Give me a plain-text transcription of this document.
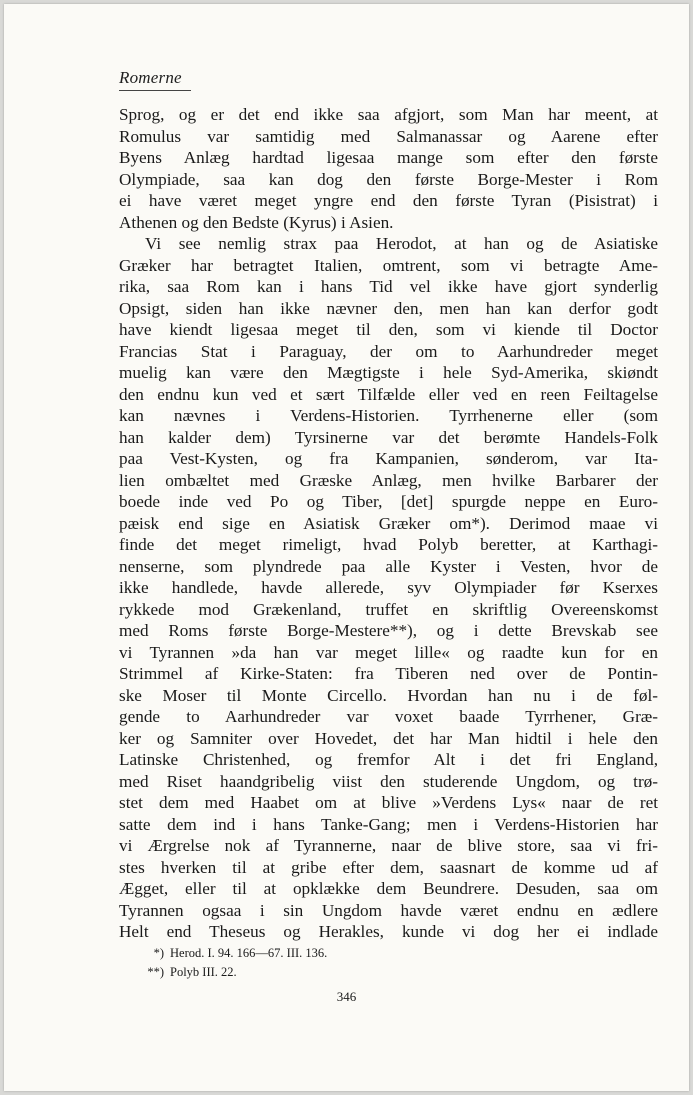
Romerne
Sprog, og er det end ikke saa afgjort, som Man har meent, at
Romulus var samtidig med Salmanassar og Aarene efter
Byens Anlæg hardtad ligesaa mange som efter den første
Olympiade, saa kan dog den første Borge-Mester i Rom
ei have været meget yngre end den første Tyran (Pisistrat) i
Athenen og den Bedste (Kyrus) i Asien.
Vi see nemlig strax paa Herodot, at han og de Asiatiske
Græker har betragtet Italien, omtrent, som vi betragte Ame-
rika, saa Rom kan i hans Tid vel ikke have gjort synderlig
Opsigt, siden han ikke nævner den, men han kan derfor godt
have kiendt ligesaa meget til den, som vi kiende til Doctor
Francias Stat i Paraguay, der om to Aarhundreder meget
muelig kan være den Mægtigste i hele Syd-Amerika, skiøndt
den endnu kun ved et sært Tilfælde eller ved en reen Feiltagelse
kan nævnes i Verdens-Historien. Tyrrhenerne eller (som
han kalder dem) Tyrsinerne var det berømte Handels-Folk
paa Vest-Kysten, og fra Kampanien, sønderom, var Ita-
lien ombæltet med Græske Anlæg, men hvilke Barbarer der
boede inde ved Po og Tiber, [det] spurgde neppe en Euro-
pæisk end sige en Asiatisk Græker om*). Derimod maae vi
finde det meget rimeligt, hvad Polyb beretter, at Karthagi-
nenserne, som plyndrede paa alle Kyster i Vesten, hvor de
ikke handlede, havde allerede, syv Olympiader før Kserxes
rykkede mod Grækenland, truffet en skriftlig Overeenskomst
med Roms første Borge-Mestere**), og i dette Brevskab see
vi Tyrannen »da han var meget lille« og raadte kun for en
Strimmel af Kirke-Staten: fra Tiberen ned over de Pontin-
ske Moser til Monte Circello. Hvordan han nu i de føl-
gende to Aarhundreder var voxet baade Tyrrhener, Græ-
ker og Samniter over Hovedet, det har Man hidtil i hele den
Latinske Christenhed, og fremfor Alt i det fri England,
med Riset haandgribelig viist den studerende Ungdom, og trø-
stet dem med Haabet om at blive »Verdens Lys« naar de ret
satte dem ind i hans Tanke-Gang; men i Verdens-Historien har
vi Ærgrelse nok af Tyrannerne, naar de blive store, saa vi fri-
stes hverken til at gribe efter dem, saasnart de komme ud af
Ægget, eller til at opklække dem Beundrere. Desuden, saa om
Tyrannen ogsaa i sin Ungdom havde været endnu en ædlere
Helt end Theseus og Herakles, kunde vi dog her ei indlade
*) Herod. I. 94. 166—67. III. 136.
**) Polyb III. 22.
346
